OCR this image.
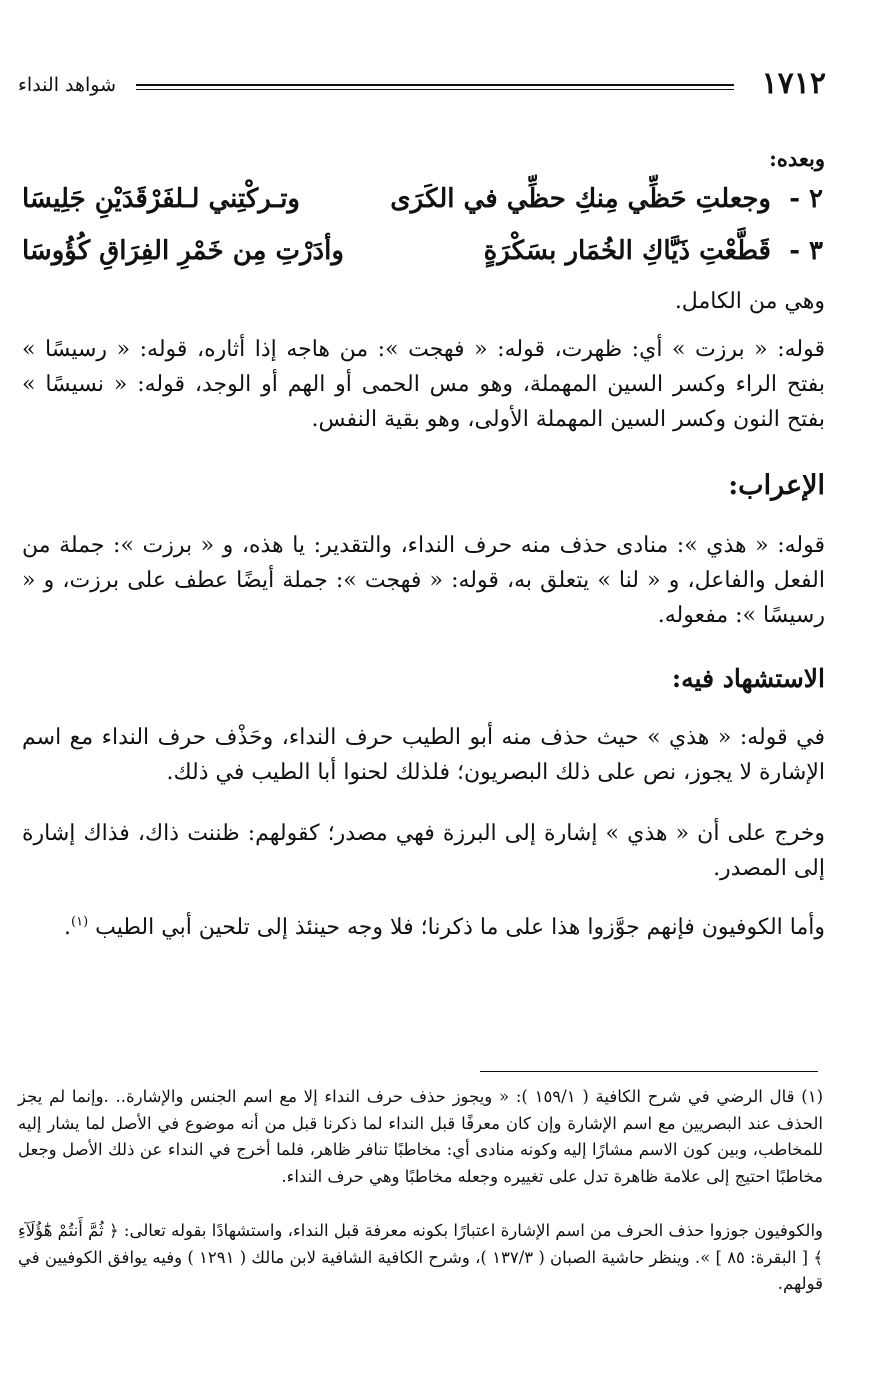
١٧١٢
شواهد النداء
وبعده:
٢ -
وجعلتِ حَظِّي مِنكِ حظِّي في الكَرَى
وتـركْتِني لـلفَرْقَدَيْنِ جَلِيسَا
٣ -
قَطَّعْتِ ذَيَّاكِ الخُمَار بسَكْرَةٍ
وأدَرْتِ مِن خَمْرِ الفِرَاقِ كُؤُوسَا
وهي من الكامل.
قوله: « برزت » أي: ظهرت، قوله: « فهجت »: من هاجه إذا أثاره، قوله: « رسيسًا » بفتح الراء وكسر السين المهملة، وهو مس الحمى أو الهم أو الوجد، قوله: « نسيسًا » بفتح النون وكسر السين المهملة الأولى، وهو بقية النفس.
الإعراب:
قوله: « هذي »: منادى حذف منه حرف النداء، والتقدير: يا هذه، و « برزت »: جملة من الفعل والفاعل، و « لنا » يتعلق به، قوله: « فهجت »: جملة أيضًا عطف على برزت، و « رسيسًا »: مفعوله.
الاستشهاد فيه:
في قوله: « هذي » حيث حذف منه أبو الطيب حرف النداء، وحَذْف حرف النداء مع اسم الإشارة لا يجوز، نص على ذلك البصريون؛ فلذلك لحنوا أبا الطيب في ذلك.
وخرج على أن « هذي » إشارة إلى البرزة فهي مصدر؛ كقولهم: ظننت ذاك، فذاك إشارة إلى المصدر.
وأما الكوفيون فإنهم جوَّزوا هذا على ما ذكرنا؛ فلا وجه حينئذ إلى تلحين أبي الطيب $^{(١)}$.
(١) قال الرضي في شرح الكافية ( ١٥٩/١ ): « ويجوز حذف حرف النداء إلا مع اسم الجنس والإشارة.. .وإنما لم يجز الحذف عند البصريين مع اسم الإشارة وإن كان معرفًا قبل النداء لما ذكرنا قبل من أنه موضوع في الأصل لما يشار إليه للمخاطب، وبين كون الاسم مشارًا إليه وكونه منادى أي: مخاطبًا تنافر ظاهر، فلما أخرج في النداء عن ذلك الأصل وجعل مخاطبًا احتيج إلى علامة ظاهرة تدل على تغييره وجعله مخاطبًا وهي حرف النداء.
والكوفيون جوزوا حذف الحرف من اسم الإشارة اعتبارًا بكونه معرفة قبل النداء، واستشهادًا بقوله تعالى: ﴿ ثُمَّ أَنتُمْ هَٰٓؤُلَآءِ ﴾ [ البقرة: ٨٥ ] ». وينظر حاشية الصبان ( ١٣٧/٣ )، وشرح الكافية الشافية لابن مالك ( ١٢٩١ ) وفيه يوافق الكوفيين في قولهم.
